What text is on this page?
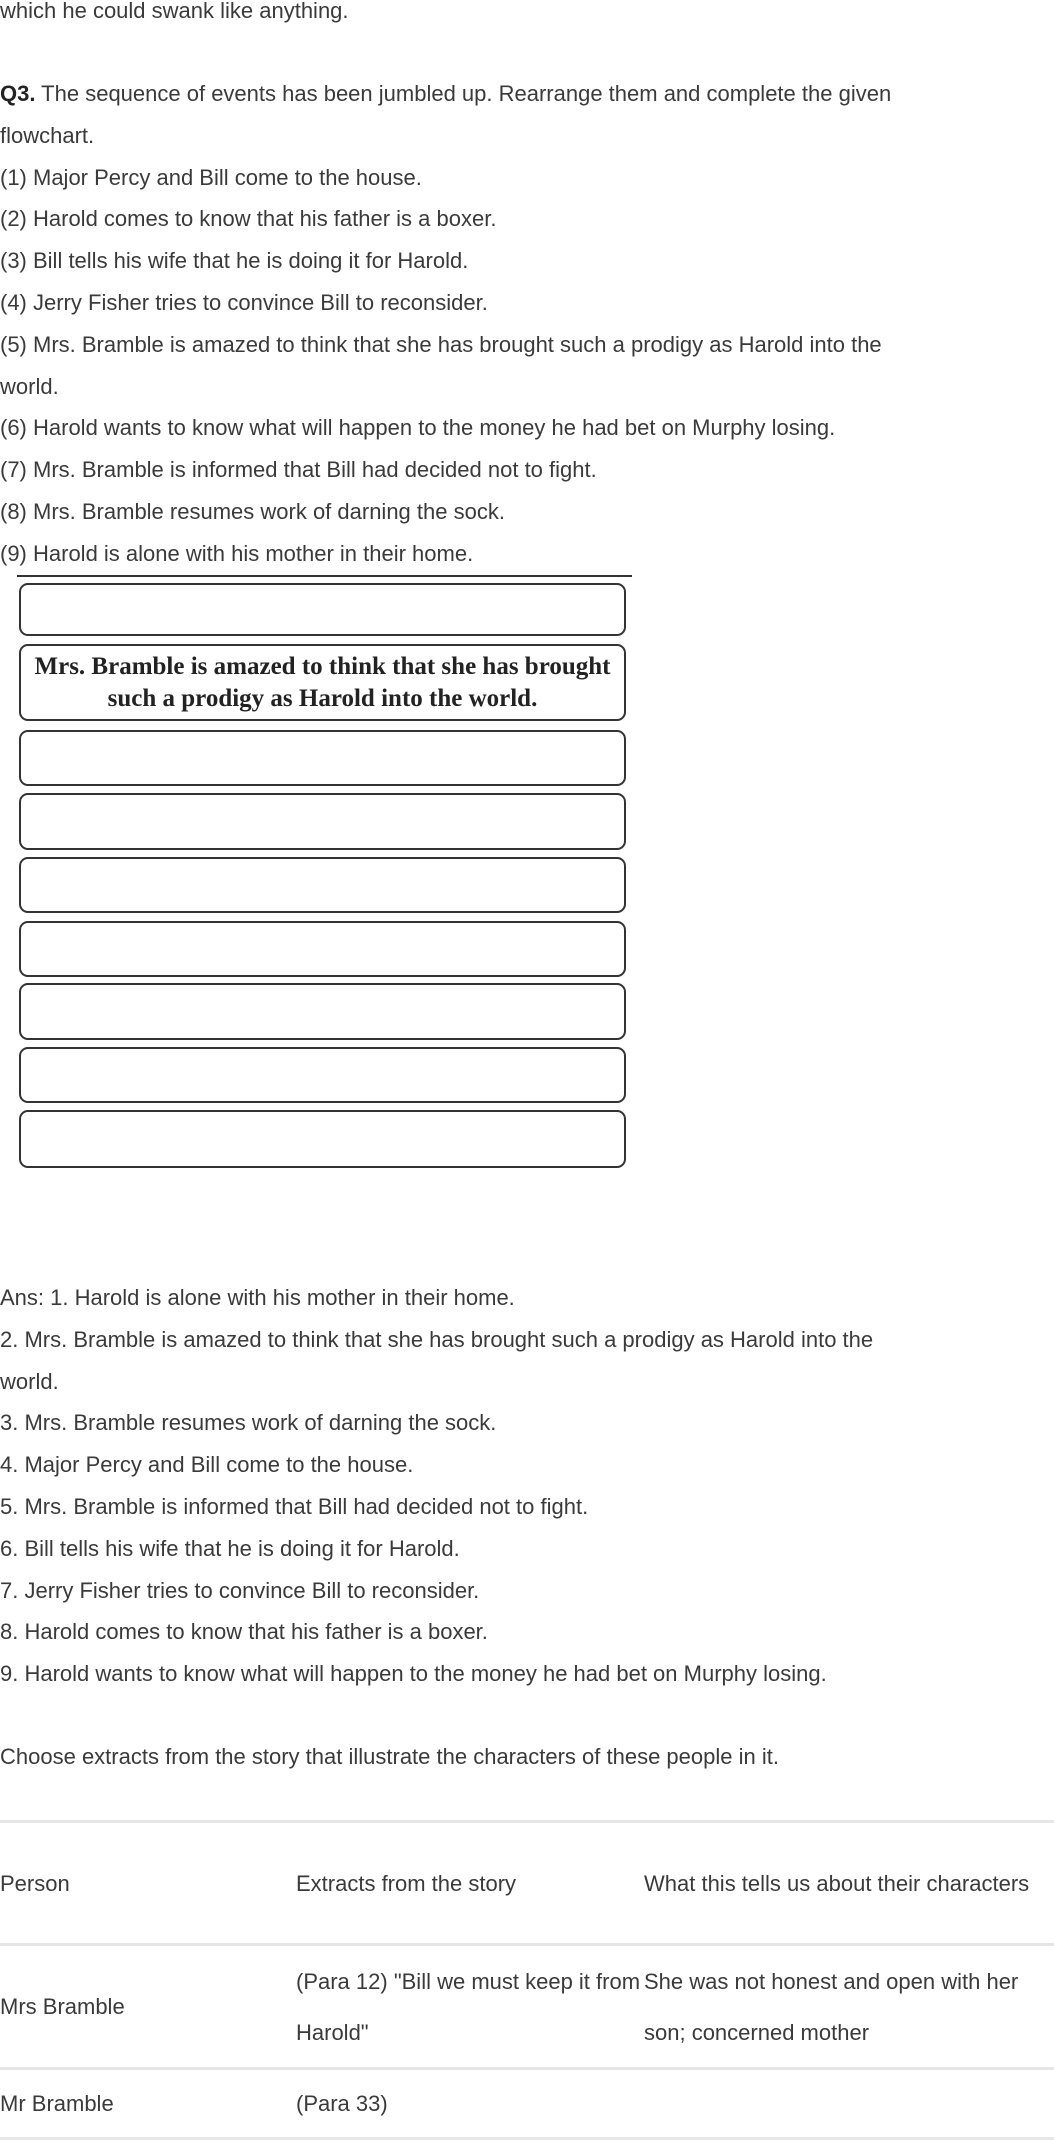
which he could swank like anything.
Q3. The sequence of events has been jumbled up. Rearrange them and complete the given
flowchart.
(1) Major Percy and Bill come to the house.
(2) Harold comes to know that his father is a boxer.
(3) Bill tells his wife that he is doing it for Harold.
(4) Jerry Fisher tries to convince Bill to reconsider.
(5) Mrs. Bramble is amazed to think that she has brought such a prodigy as Harold into the
world.
(6) Harold wants to know what will happen to the money he had bet on Murphy losing.
(7) Mrs. Bramble is informed that Bill had decided not to fight.
(8) Mrs. Bramble resumes work of darning the sock.
(9) Harold is alone with his mother in their home.
Mrs. Bramble is amazed to think that she has brought such a prodigy as Harold into the world.
Ans: 1. Harold is alone with his mother in their home.
2. Mrs. Bramble is amazed to think that she has brought such a prodigy as Harold into the
world.
3. Mrs. Bramble resumes work of darning the sock.
4. Major Percy and Bill come to the house.
5. Mrs. Bramble is informed that Bill had decided not to fight.
6. Bill tells his wife that he is doing it for Harold.
7. Jerry Fisher tries to convince Bill to reconsider.
8. Harold comes to know that his father is a boxer.
9. Harold wants to know what will happen to the money he had bet on Murphy losing.
Choose extracts from the story that illustrate the characters of these people in it.
Person	Extracts from the story	What this tells us about their characters
Mrs Bramble	(Para 12) "Bill we must keep it from Harold"	She was not honest and open with her son; concerned mother
Mr Bramble	(Para 33)	
